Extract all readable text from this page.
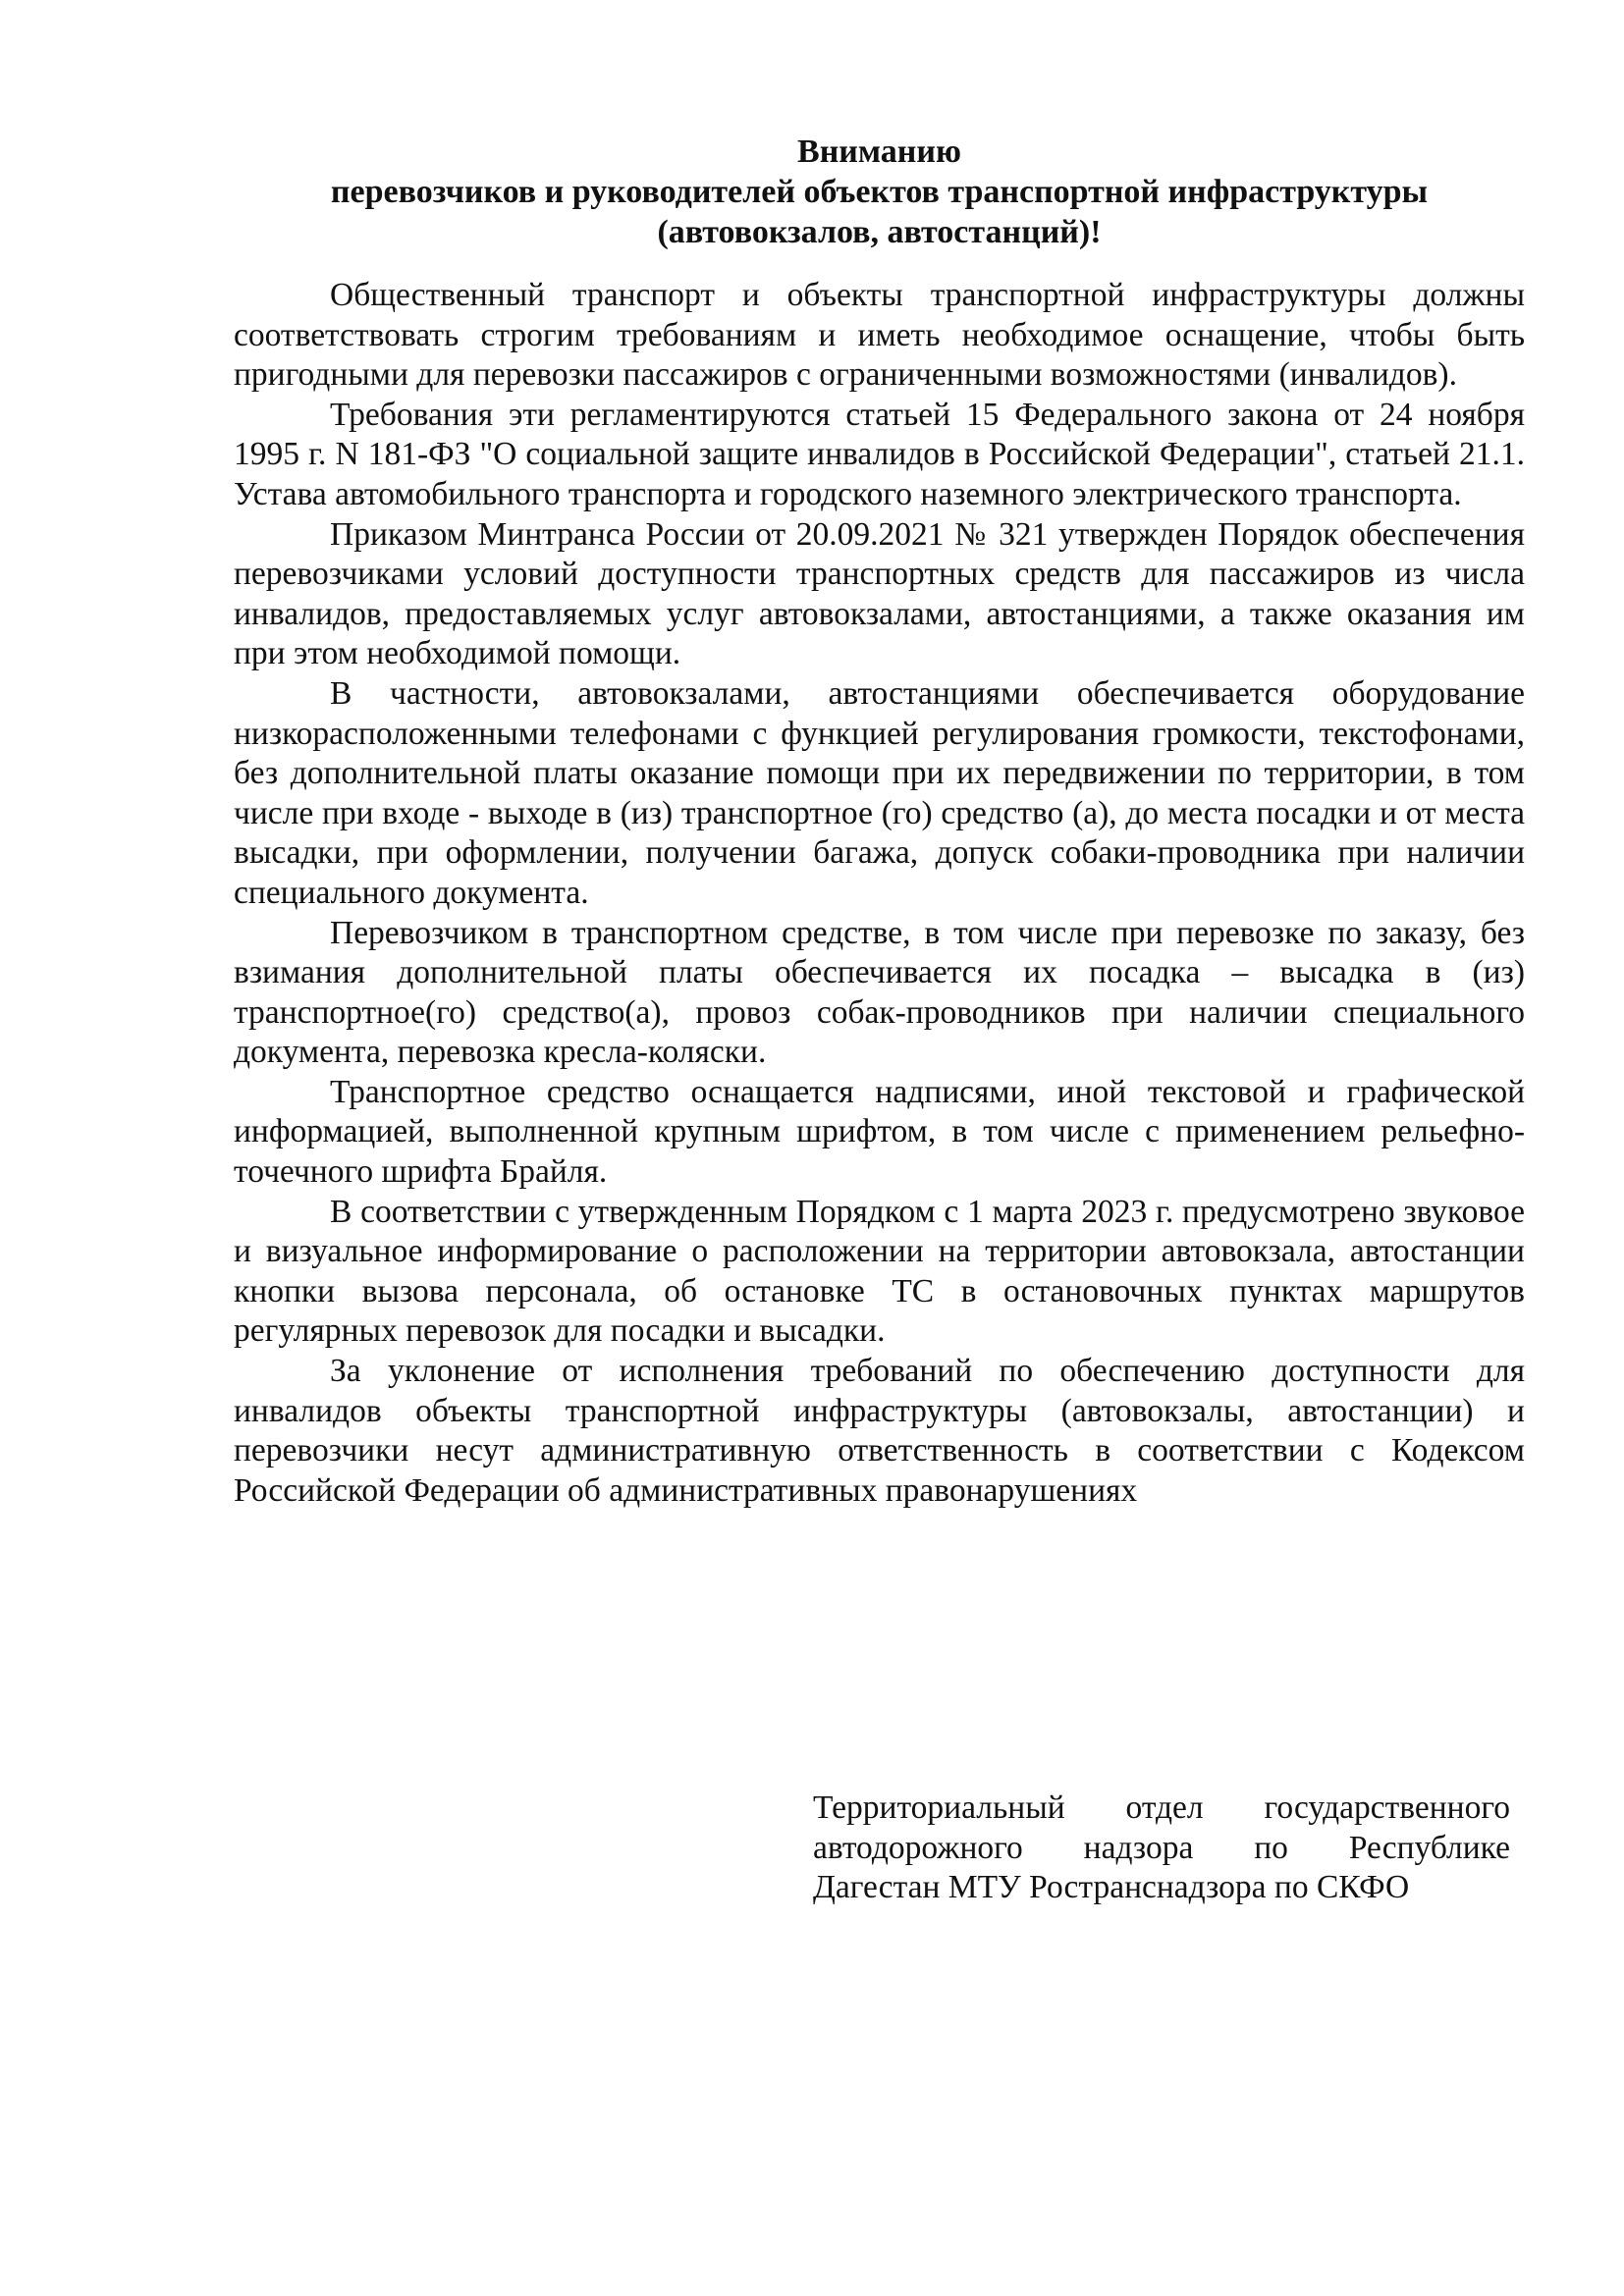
Вниманию
перевозчиков и руководителей объектов транспортной инфраструктуры
(автовокзалов, автостанций)!

Общественный транспорт и объекты транспортной инфраструктуры должны соответствовать строгим требованиям и иметь необходимое оснащение, чтобы быть пригодными для перевозки пассажиров с ограниченными возможностями (инвалидов).

Требования эти регламентируются статьей 15 Федерального закона от 24 ноября 1995 г. N 181-ФЗ "О социальной защите инвалидов в Российской Федерации", статьей 21.1. Устава автомобильного транспорта и городского наземного электрического транспорта.

Приказом Минтранса России от 20.09.2021 № 321 утвержден Порядок обеспечения перевозчиками условий доступности транспортных средств для пассажиров из числа инвалидов, предоставляемых услуг автовокзалами, автостанциями, а также оказания им при этом необходимой помощи.

В частности, автовокзалами, автостанциями обеспечивается оборудование низкорасположенными телефонами с функцией регулирования громкости, текстофонами, без дополнительной платы оказание помощи при их передвижении по территории, в том числе при входе - выходе в (из) транспортное (го) средство (а), до места посадки и от места высадки, при оформлении, получении багажа, допуск собаки-проводника при наличии специального документа.

Перевозчиком в транспортном средстве, в том числе при перевозке по заказу, без взимания дополнительной платы обеспечивается их посадка – высадка в (из) транспортное(го) средство(а), провоз собак-проводников при наличии специального документа, перевозка кресла-коляски.

Транспортное средство оснащается надписями, иной текстовой и графической информацией, выполненной крупным шрифтом, в том числе с применением рельефно-точечного шрифта Брайля.

В соответствии с утвержденным Порядком с 1 марта 2023 г. предусмотрено звуковое и визуальное информирование о расположении на территории автовокзала, автостанции кнопки вызова персонала, об остановке ТС в остановочных пунктах маршрутов регулярных перевозок для посадки и высадки.

За уклонение от исполнения требований по обеспечению доступности для инвалидов объекты транспортной инфраструктуры (автовокзалы, автостанции) и перевозчики несут административную ответственность в соответствии с Кодексом Российской Федерации об административных правонарушениях

Территориальный отдел государственного
автодорожного надзора по Республике
Дагестан МТУ Ространснадзора по СКФО
